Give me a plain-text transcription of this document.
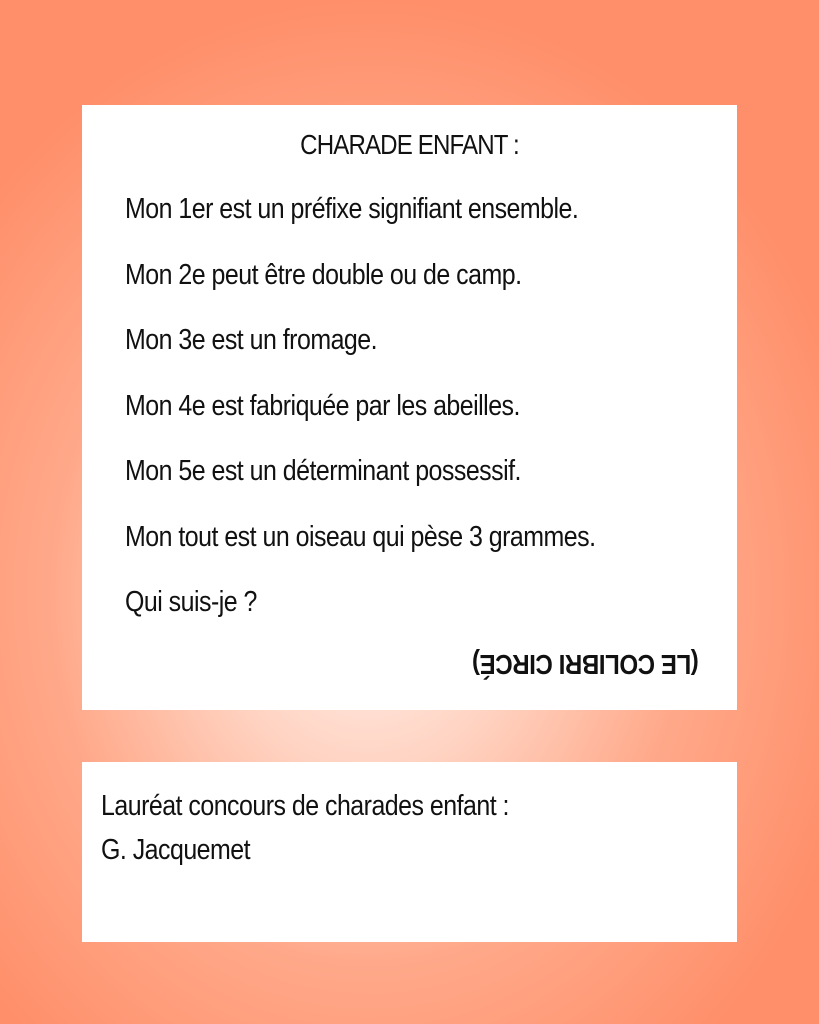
CHARADE ENFANT :
Mon 1er est un préfixe signifiant ensemble.
Mon 2e peut être double ou de camp.
Mon 3e est un fromage.
Mon 4e est fabriquée par les abeilles.
Mon 5e est un déterminant possessif.
Mon tout est un oiseau qui pèse 3 grammes.
Qui suis-je ?
(LE COLIBRI CIRCÉ)
Lauréat concours de charades enfant :
G. Jacquemet
